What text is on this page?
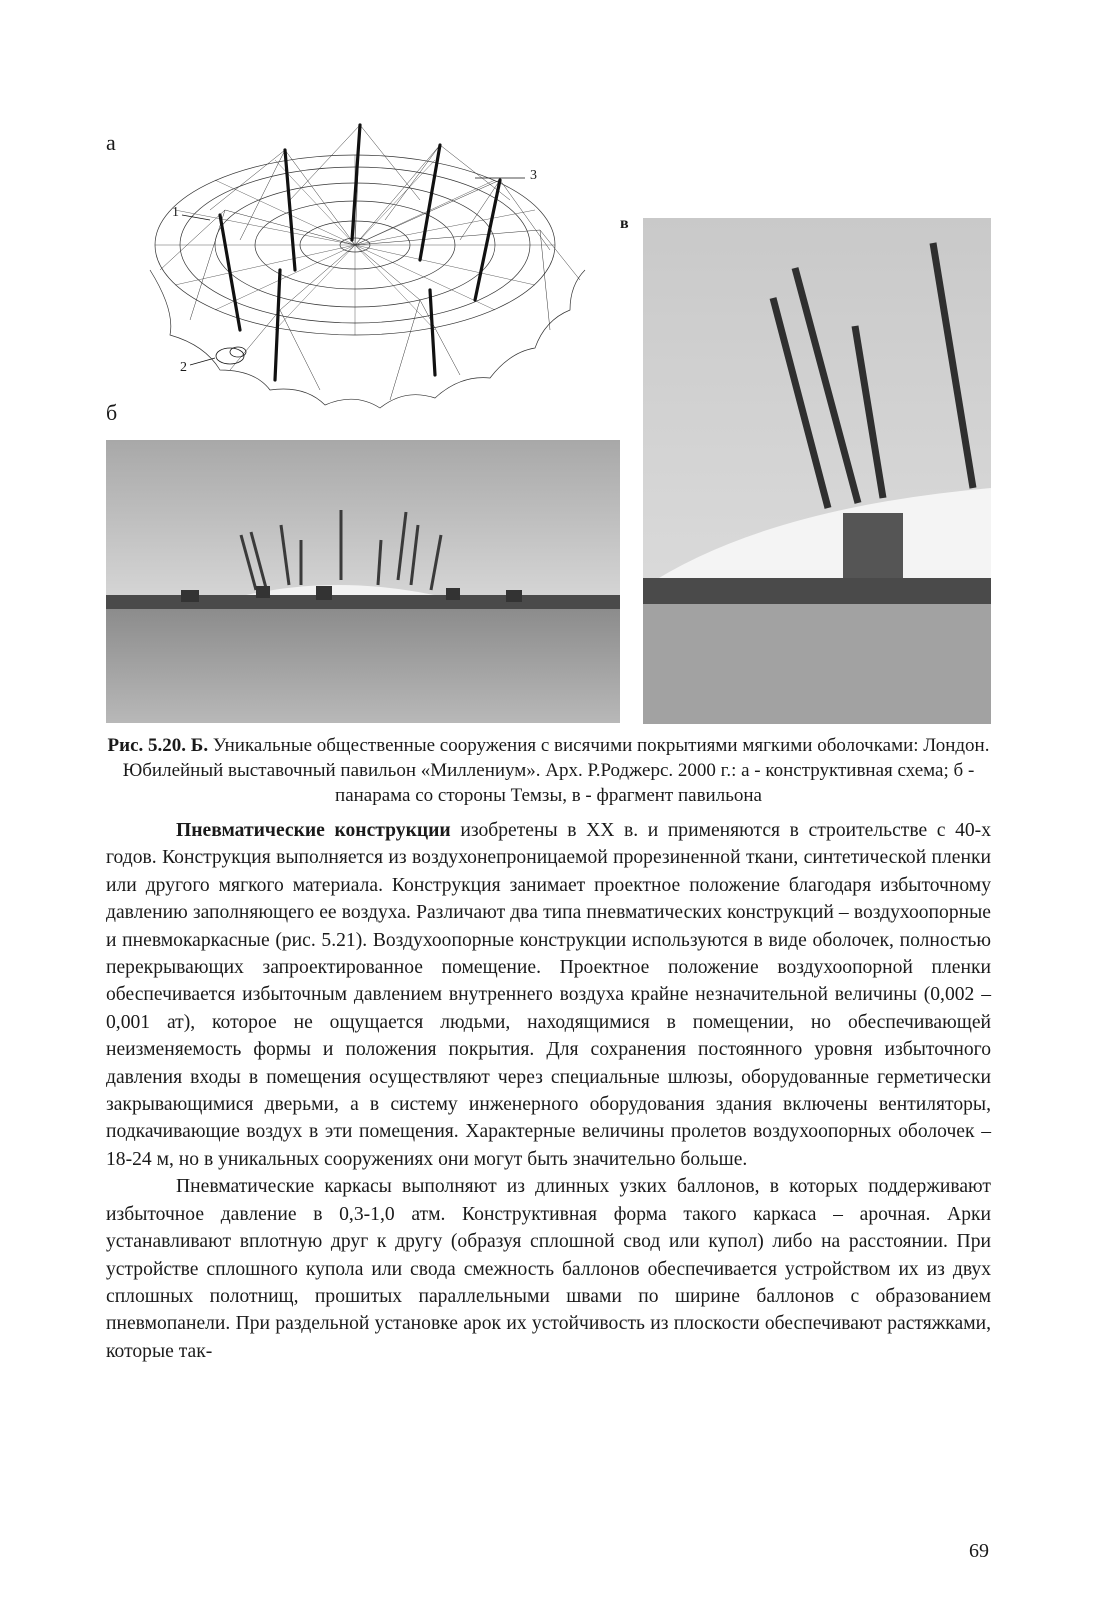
а
б
в
3
1
2
Рис. 5.20. Б. Уникальные общественные сооружения с висячими покрытиями мягкими оболочками: Лондон. Юбилейный выставочный павильон «Миллениум». Арх. Р.Роджерс. 2000 г.: а - конструктивная схема; б - панарама со стороны Темзы, в - фрагмент павильона

Пневматические конструкции изобретены в XX в. и применяются в строительстве с 40-х годов. Конструкция выполняется из воздухонепроницаемой прорезиненной ткани, синтетической пленки или другого мягкого материала. Конструкция занимает проектное положение благодаря избыточному давлению заполняющего ее воздуха. Различают два типа пневматических конструкций – воздухоопорные и пневмокаркасные (рис. 5.21). Воздухоопорные конструкции используются в виде оболочек, полностью перекрывающих запроектированное помещение. Проектное положение воздухоопорной пленки обеспечивается избыточным давлением внутреннего воздуха крайне незначительной величины (0,002 – 0,001 ат), которое не ощущается людьми, находящимися в помещении, но обеспечивающей неизменяемость формы и положения покрытия. Для сохранения постоянного уровня избыточного давления входы в помещения осуществляют через специальные шлюзы, оборудованные герметически закрывающимися дверьми, а в систему инженерного оборудования здания включены вентиляторы, подкачивающие воздух в эти помещения. Характерные величины пролетов воздухоопорных оболочек – 18-24 м, но в уникальных сооружениях они могут быть значительно больше.

Пневматические каркасы выполняют из длинных узких баллонов, в которых поддерживают избыточное давление в 0,3-1,0 атм. Конструктивная форма такого каркаса – арочная. Арки устанавливают вплотную друг к другу (образуя сплошной свод или купол) либо на расстоянии. При устройстве сплошного купола или свода смежность баллонов обеспечивается устройством их из двух сплошных полотнищ, прошитых параллельными швами по ширине баллонов с образованием пневмопанели. При раздельной установке арок их устойчивость из плоскости обеспечивают растяжками, которые так-

69
